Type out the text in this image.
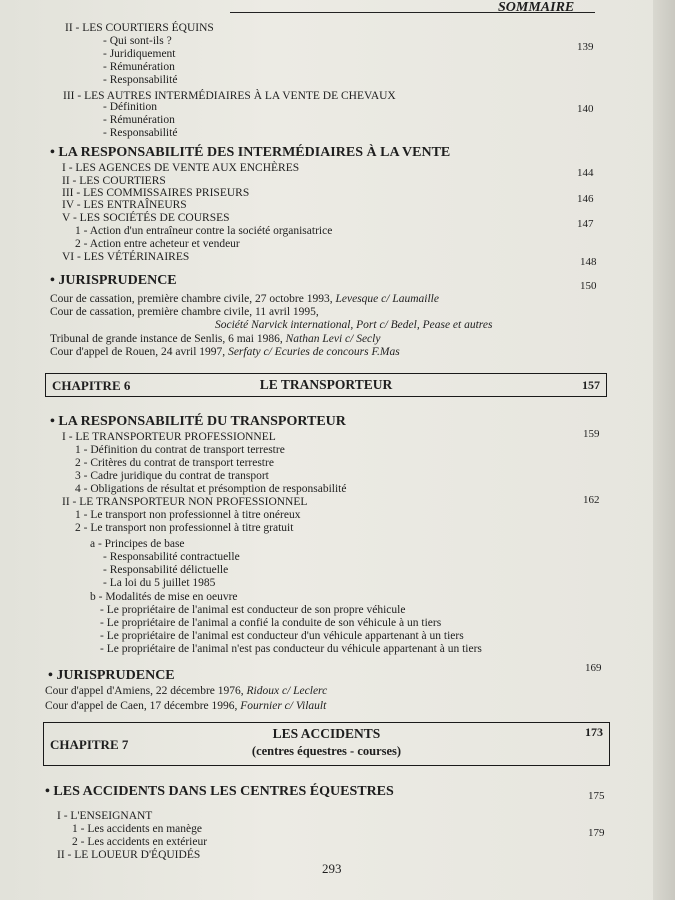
SOMMAIRE
II - LES COURTIERS ÉQUINS
- Qui sont-ils ?
- Juridiquement
- Rémunération
- Responsabilité
III - LES AUTRES INTERMÉDIAIRES À LA VENTE DE CHEVAUX
- Définition
- Rémunération
- Responsabilité
I - LES AGENCES DE VENTE AUX ENCHÈRES
II - LES COURTIERS
III - LES COMMISSAIRES PRISEURS
IV - LES ENTRAÎNEURS
V - LES SOCIÉTÉS DE COURSES
1 - Action d'un entraîneur contre la société organisatrice
2 - Action entre acheteur et vendeur
VI - LES VÉTÉRINAIRES
Cour de cassation, première chambre civile, 27 octobre 1993, Levesque c/ Laumaille
Cour de cassation, première chambre civile, 11 avril 1995,
Société Narvick international, Port c/ Bedel, Pease et autres
Tribunal de grande instance de Senlis, 6 mai 1986, Nathan Levi c/ Secly
Cour d'appel de Rouen, 24 avril 1997, Serfaty c/ Ecuries de concours F.Mas
I - LE TRANSPORTEUR PROFESSIONNEL
1 - Définition du contrat de transport terrestre
2 - Critères du contrat de transport terrestre
3 - Cadre juridique du contrat de transport
4 - Obligations de résultat et présomption de responsabilité
II - LE TRANSPORTEUR NON PROFESSIONNEL
1 - Le transport non professionnel à titre onéreux
2 - Le transport non professionnel à titre gratuit
a - Principes de base
- Responsabilité contractuelle
- Responsabilité délictuelle
- La loi du 5 juillet 1985
b - Modalités de mise en oeuvre
- Le propriétaire de l'animal est conducteur de son propre véhicule
- Le propriétaire de l'animal a confié la conduite de son véhicule à un tiers
- Le propriétaire de l'animal est conducteur d'un véhicule appartenant à un tiers
- Le propriétaire de l'animal n'est pas conducteur du véhicule appartenant à un tiers
Cour d'appel d'Amiens, 22 décembre 1976, Ridoux c/ Leclerc
Cour d'appel de Caen, 17 décembre 1996, Fournier c/ Vilault
I - L'ENSEIGNANT
1 - Les accidents en manège
2 - Les accidents en extérieur
II - LE LOUEUR D'ÉQUIDÉS
• LA RESPONSABILITÉ DES INTERMÉDIAIRES À LA VENTE
• JURISPRUDENCE
• LA RESPONSABILITÉ DU TRANSPORTEUR
• JURISPRUDENCE
• LES ACCIDENTS DANS LES CENTRES ÉQUESTRES
139
140
144
146
147
148
150
159
162
169
175
179
CHAPITRE 6	LE TRANSPORTEUR	157
CHAPITRE 7
LES ACCIDENTS
(centres équestres - courses)
173
293
